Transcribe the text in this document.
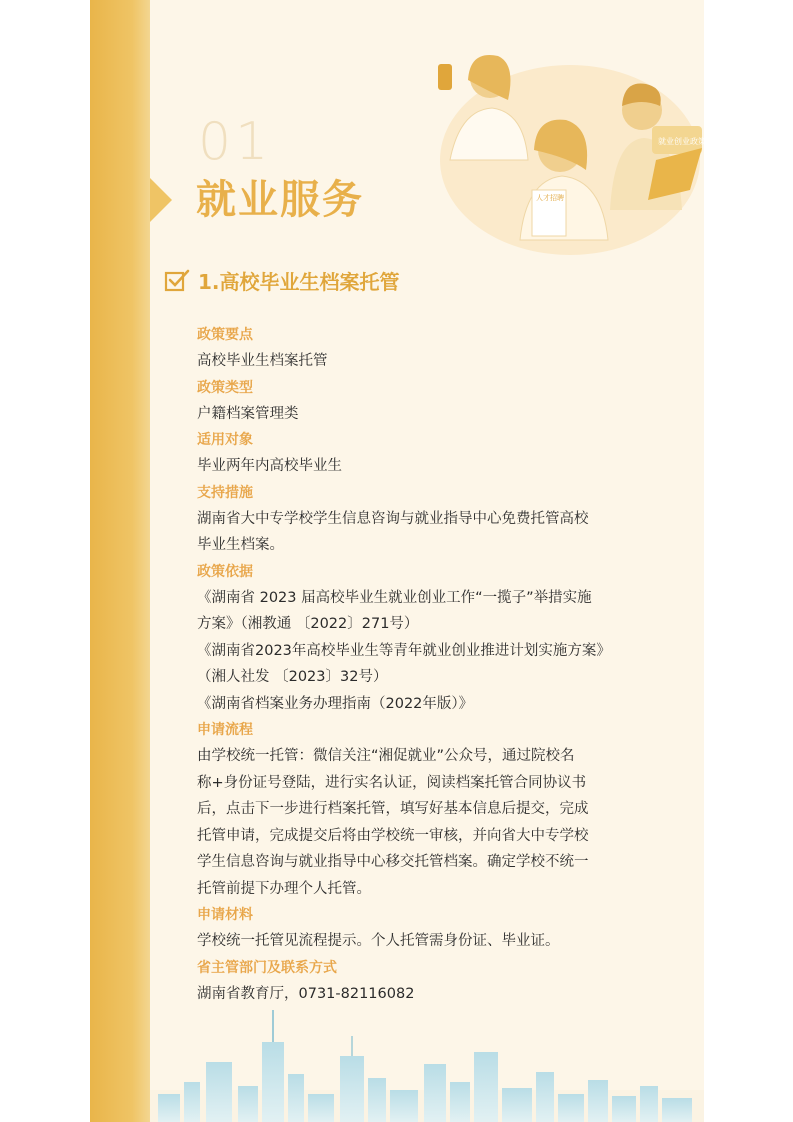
01
就业服务
就业创业政策
人才招聘
1.高校毕业生档案托管
政策要点
高校毕业生档案托管
政策类型
户籍档案管理类
适用对象
毕业两年内高校毕业生
支持措施
湖南省大中专学校学生信息咨询与就业指导中心免费托管高校
毕业生档案。
政策依据
《湖南省 2023 届高校毕业生就业创业工作“一揽子”举措实施
方案》（湘教通 〔2022〕271号）
《湖南省2023年高校毕业生等青年就业创业推进计划实施方案》
（湘人社发 〔2023〕32号）
《湖南省档案业务办理指南（2022年版）》
申请流程
由学校统一托管：微信关注“湘促就业”公众号，通过院校名
称+身份证号登陆，进行实名认证，阅读档案托管合同协议书
后，点击下一步进行档案托管，填写好基本信息后提交，完成
托管申请，完成提交后将由学校统一审核，并向省大中专学校
学生信息咨询与就业指导中心移交托管档案。确定学校不统一
托管前提下办理个人托管。
申请材料
学校统一托管见流程提示。个人托管需身份证、毕业证。
省主管部门及联系方式
湖南省教育厅，0731-82116082
